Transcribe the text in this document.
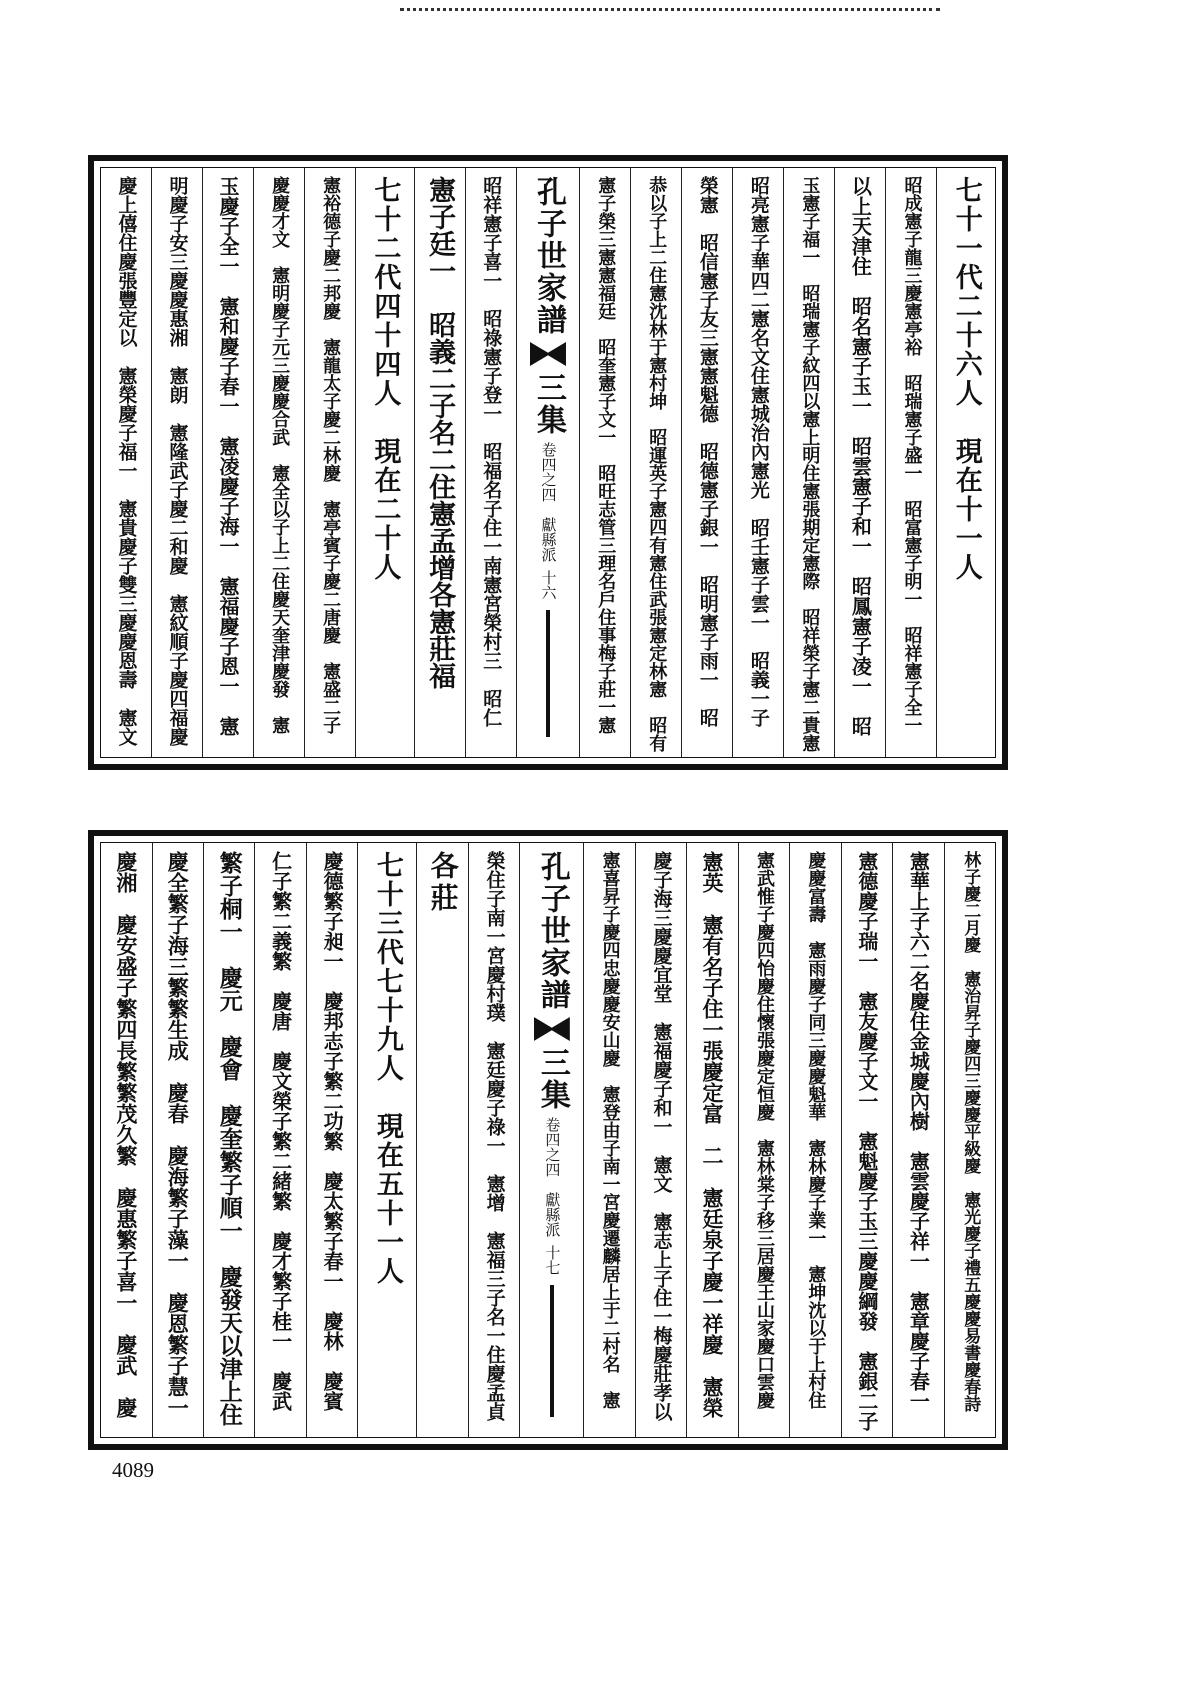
七十一代二十六人　現在十一人
昭成憲子龍三慶憲亭裕　昭瑞憲子盛一　昭富憲子明一　昭祥憲子全一
以上天津住　昭名憲子玉一　昭雲憲子和一　昭鳳憲子凌一　昭
玉憲子福一　昭瑞憲子紋四以憲上明住憲張期定憲際　昭祥榮子憲二貴憲
昭亮憲子華四二憲名文住憲城治內憲光　昭壬憲子雲一　昭義一子
榮憲　昭信憲子友三憲憲魁德　昭德憲子銀一　昭明憲子雨一　昭
恭以子上二住憲沈林于憲村坤　昭運英子憲四有憲住武張憲定林憲　昭有
憲子榮三憲憲福廷　昭奎憲子文一　昭旺志管三理名戶住事梅子莊一憲
孔子世家譜
三集
卷四之四　獻縣派
十六
昭祥憲子喜一　昭祿憲子登一　昭福名子住一南憲宮榮村三　昭仁
憲子廷一　昭義二子名二住憲孟增各憲莊福
七十二代四十四人　現在二十人
憲裕德子慶二邦慶　憲龍太子慶二林慶　憲亭賓子慶二唐慶　憲盛二子
慶慶才文　憲明慶子元三慶慶合武　憲全以子上二住慶天奎津慶發　憲
玉慶子全一　憲和慶子春一　憲凌慶子海一　憲福慶子恩一　憲
明慶子安三慶慶惠湘　憲朗　憲隆武子慶二和慶　憲紋順子慶四福慶
慶上僖住慶張豐定以　憲榮慶子福一　憲貴慶子雙三慶慶恩壽　憲文
林子慶二月慶　憲治昇子慶四三慶慶平級慶　憲光慶子禮五慶慶易書慶春詩
憲華上子六二名慶住金城慶內樹　憲雲慶子祥一　憲章慶子春一
憲德慶子瑞一　憲友慶子文一　憲魁慶子玉三慶慶綱發　憲銀二子
慶慶富壽　憲雨慶子同三慶慶魁華　憲林慶子業一　憲坤沈以于上村住
憲武惟子慶四怡慶住懷張慶定恒慶　憲林棠子移三居慶王山家慶口雲慶
憲英　憲有名子住一張慶定富　二　憲廷泉子慶一祥慶　憲榮
慶子海三慶慶宜堂　憲福慶子和一　憲文　憲志上子住一梅慶莊孝以
憲喜昇子慶四忠慶慶安山慶　憲登由子南一宮慶遷麟居上于二村名　憲
孔子世家譜
三集
卷四之四　獻縣派
十七
榮住子南一宮慶村璞　憲廷慶子祿一　憲增　憲福三子名一住慶孟貞
各莊
七十三代七十九人　現在五十一人
慶德繁子昶一　慶邦志子繁二功繁　慶太繁子春一　慶林　慶賓
仁子繁二義繁　慶唐　慶文榮子繁二緒繁　慶才繁子桂一　慶武
繁子桐一　慶元　慶會　慶奎繁子順一　慶發天以津上住
慶全繁子海三繁繁生成　慶春　慶海繁子藻一　慶恩繁子慧一
慶湘　慶安盛子繁四長繁繁茂久繁　慶惠繁子喜一　慶武　慶
4089
